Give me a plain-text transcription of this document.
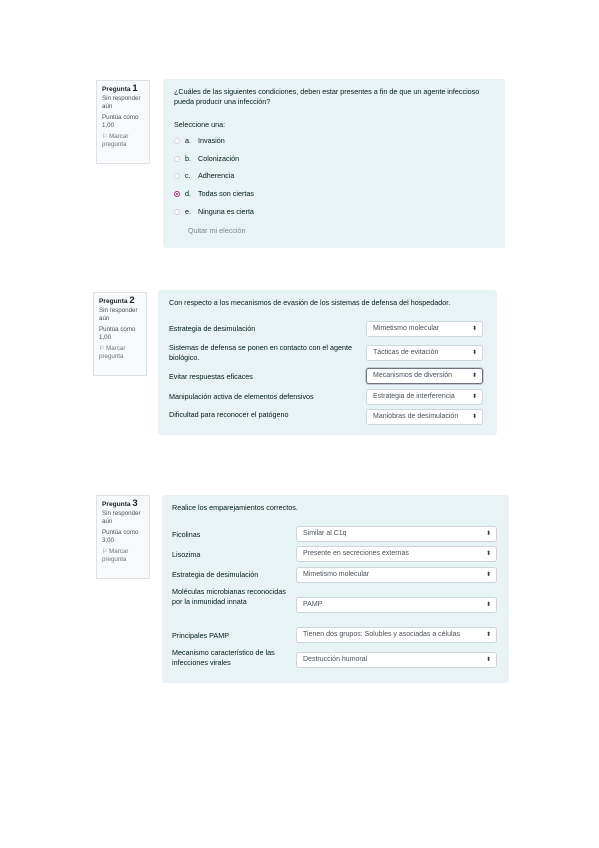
Pregunta 1
Sin responder aún
Puntúa como 1,00
⚐ Marcar pregunta
¿Cuáles de las siguientes condiciones, deben estar presentes a fin de que un agente infeccioso pueda producir una infección?
Seleccione una:
a. Invasión
b. Colonización
c.	Adherencia
d. Todas son ciertas
e. Ninguna es cierta
Quitar mi elección
Pregunta 2
Sin responder aún
Puntúa como 1,00
⚐ Marcar pregunta
Con respecto a los mecanismos de evasión de los sistemas de defensa del hospedador.
Estrategia de desimulación	Mimetismo molecular	⬍
Sistemas de defensa se ponen en contacto con el agente biológico.	Tácticas de evitación	⬍
Evitar respuestas eficaces	Mecanismos de diversión	⬍
Manipulación activa de elementos defensivos	Estrategia de interferencia	⬍
Dificultad para reconocer el patógeno	Maniobras de desimulación ⬍
Pregunta 3
Sin responder aún
Puntúa como 3,00
⚐ Marcar pregunta
Realice los emparejamientos correctos.
Ficolinas	Similar al C1q	⬍
Lisozima	Presente en secreciones externas	⬍
Estrategia de desimulación	Mimetismo molecular	⬍
Moléculas microbianas reconocidas por la inmunidad innata	PAMP	⬍
Principales PAMP	Tienen dos grupos: Solubles y asociadas a células	⬍
Mecanismo característico de las infecciones virales	Destrucción humoral	⬍
